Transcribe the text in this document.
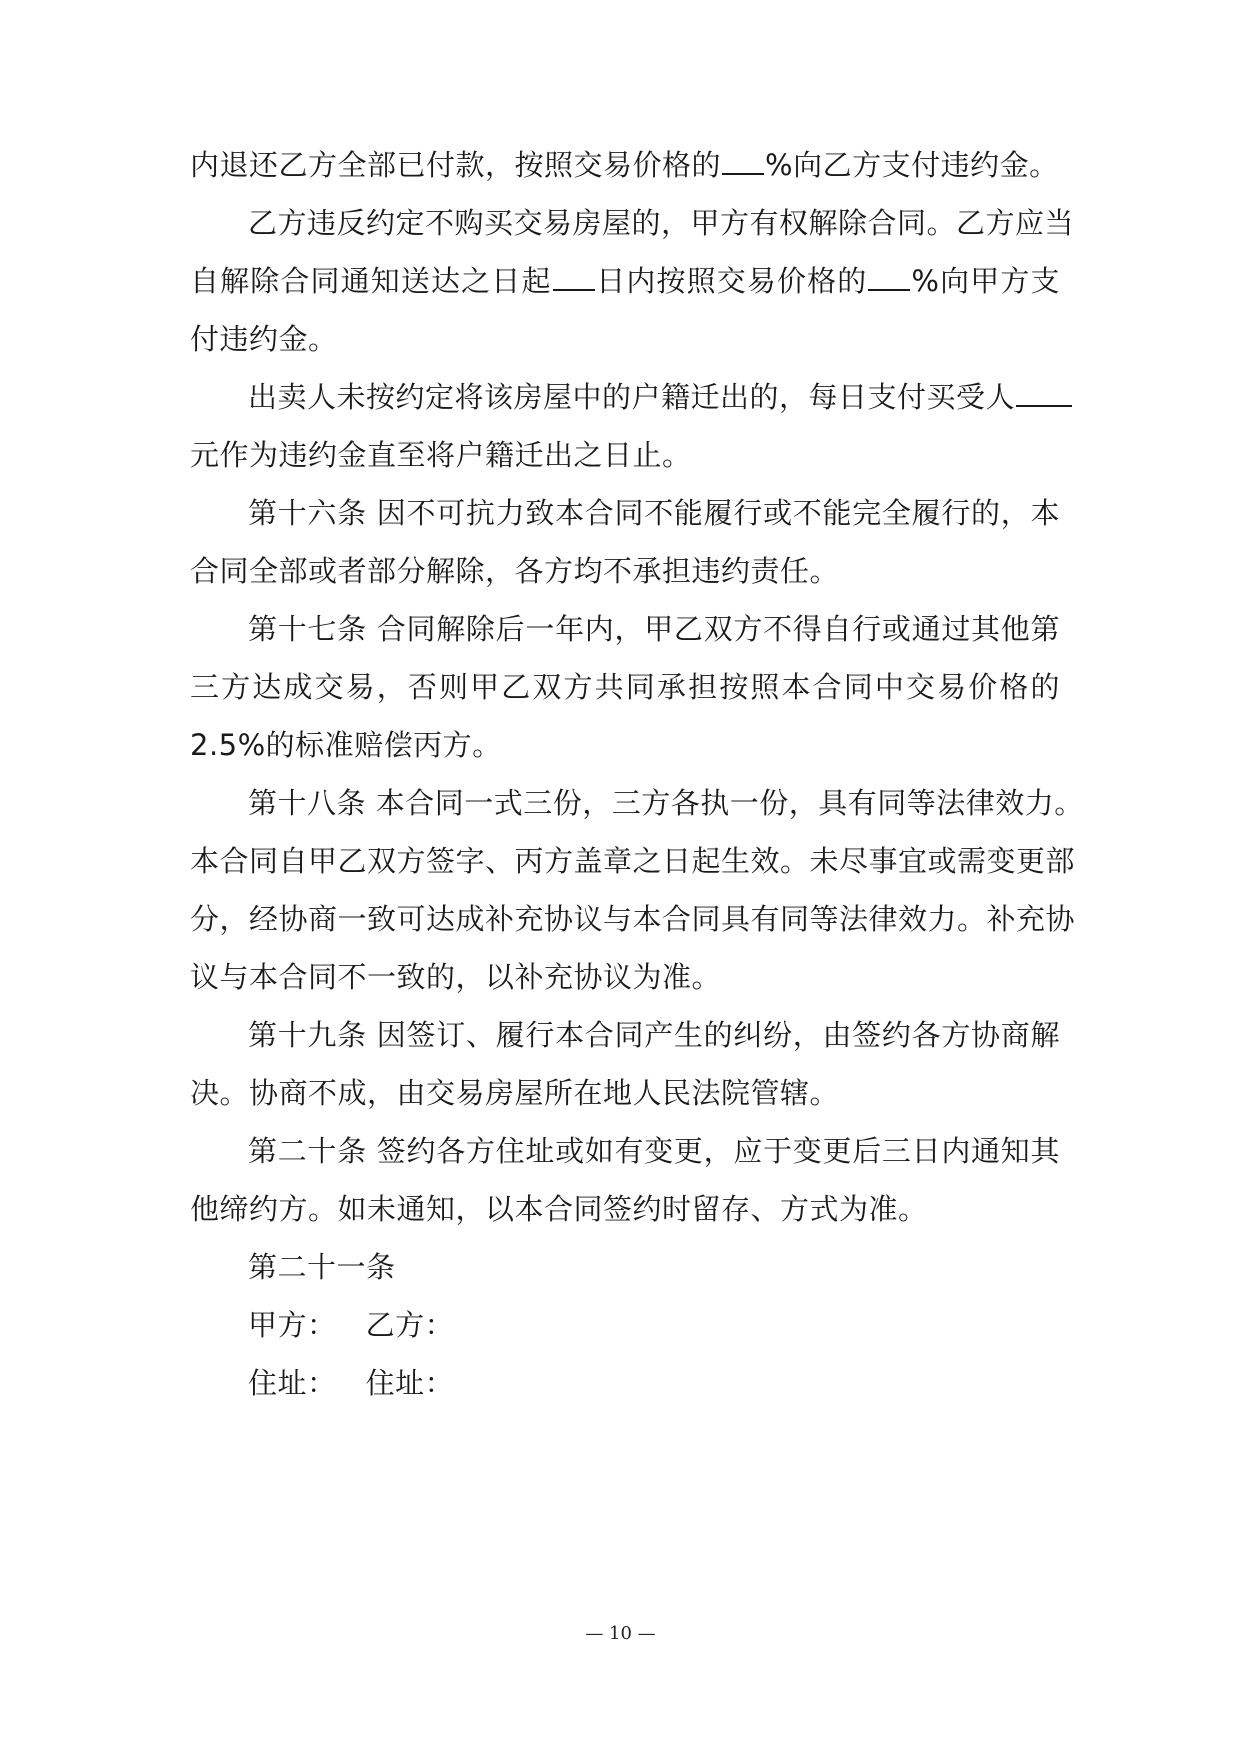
内退还乙方全部已付款，按照交易价格的 %向乙方支付违约金。
乙方违反约定不购买交易房屋的，甲方有权解除合同。乙方应当
自解除合同通知送达之日起 日内按照交易价格的 %向甲方支
付违约金。
出卖人未按约定将该房屋中的户籍迁出的，每日支付买受人
元作为违约金直至将户籍迁出之日止。
第十六条 因不可抗力致本合同不能履行或不能完全履行的，本
合同全部或者部分解除，各方均不承担违约责任。
第十七条 合同解除后一年内，甲乙双方不得自行或通过其他第
三方达成交易，否则甲乙双方共同承担按照本合同中交易价格的
2.5%的标准赔偿丙方。
第十八条 本合同一式三份，三方各执一份，具有同等法律效力。
本合同自甲乙双方签字、丙方盖章之日起生效。未尽事宜或需变更部
分，经协商一致可达成补充协议与本合同具有同等法律效力。补充协
议与本合同不一致的，以补充协议为准。
第十九条 因签订、履行本合同产生的纠纷，由签约各方协商解
决。协商不成，由交易房屋所在地人民法院管辖。
第二十条 签约各方住址或如有变更，应于变更后三日内通知其
他缔约方。如未通知，以本合同签约时留存、方式为准。
第二十一条
甲方：   乙方：
住址：   住址：
— 10 —
